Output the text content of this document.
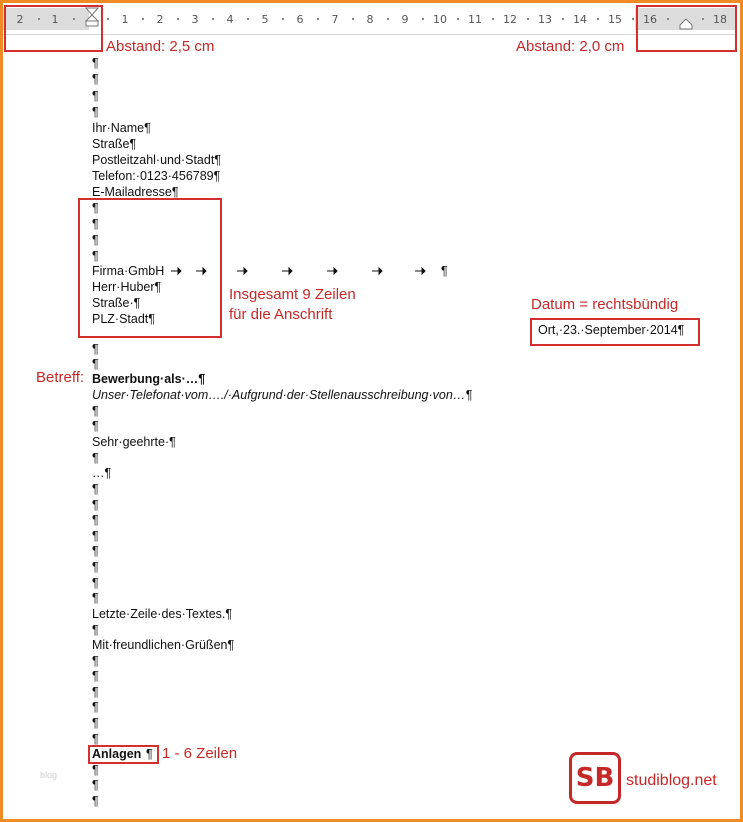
2	1	1	2	3	4	5	6	7	8	9 10 11 12 13 14 15 16	18
Abstand: 2,5 cm	Abstand: 2,0 cm
¶
¶
¶
¶
Ihr·Name¶
Straße¶
Postleitzahl·und·Stadt¶
Telefon:·0123·456789¶
E-Mailadresse¶
¶
¶
¶
¶
Firma·GmbH	¶
Herr·Huber¶
Straße·¶
PLZ·Stadt¶
Insgesamt 9 Zeilen
für die Anschrift
Datum = rechtsbündig
Ort,·23.·September·2014¶
¶
¶
Betreff: Bewerbung·als·…¶
Unser·Telefonat·vom…./·Aufgrund·der·Stellenausschreibung·von…¶
¶
¶
Sehr·geehrte·¶
¶
…¶
¶
¶
¶
¶
¶
¶
¶
¶
Letzte·Zeile·des·Textes.¶
¶
Mit·freundlichen·Grüßen¶
¶
¶
¶
¶
¶
¶
Anlagen ¶ 1 - 6 Zeilen
¶
¶
¶
blog	SB studiblog.net
